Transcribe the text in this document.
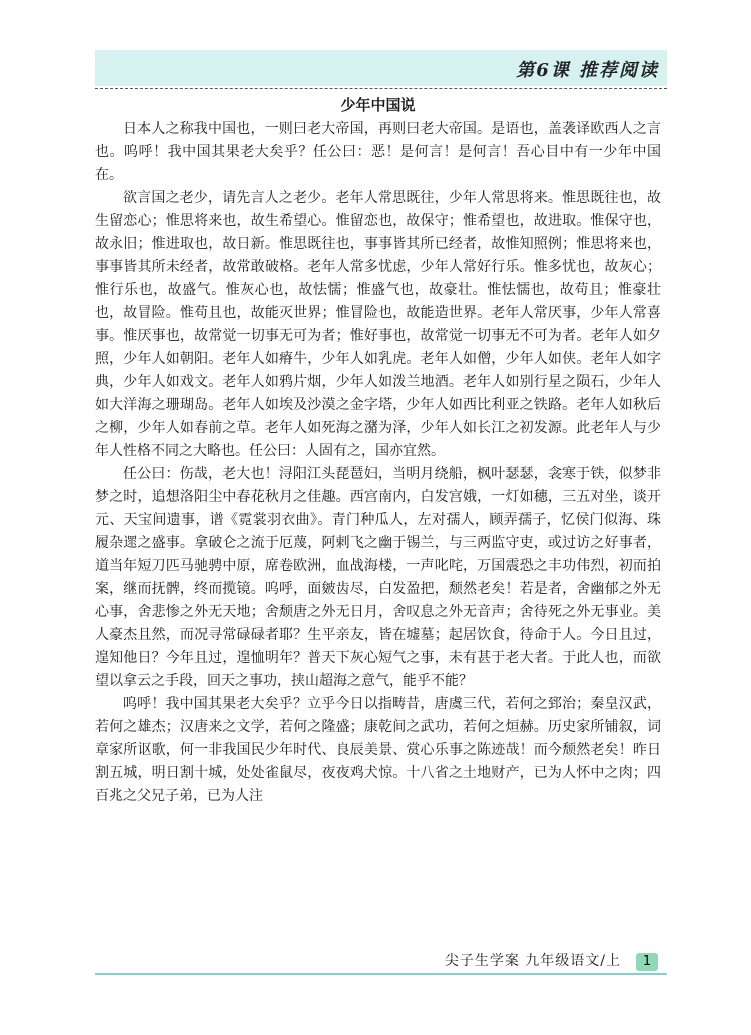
第6课 推荐阅读
少年中国说

日本人之称我中国也，一则曰老大帝国，再则曰老大帝国。是语也，盖袭译欧西人之言也。呜呼！我中国其果老大矣乎？任公曰：恶！是何言！是何言！吾心目中有一少年中国在。

欲言国之老少，请先言人之老少。老年人常思既往，少年人常思将来。惟思既往也，故生留恋心；惟思将来也，故生希望心。惟留恋也，故保守；惟希望也，故进取。惟保守也，故永旧；惟进取也，故日新。惟思既往也，事事皆其所已经者，故惟知照例；惟思将来也，事事皆其所未经者，故常敢破格。老年人常多忧虑，少年人常好行乐。惟多忧也，故灰心；惟行乐也，故盛气。惟灰心也，故怯懦；惟盛气也，故豪壮。惟怯懦也，故苟且；惟豪壮也，故冒险。惟苟且也，故能灭世界；惟冒险也，故能造世界。老年人常厌事，少年人常喜事。惟厌事也，故常觉一切事无可为者；惟好事也，故常觉一切事无不可为者。老年人如夕照，少年人如朝阳。老年人如瘠牛，少年人如乳虎。老年人如僧，少年人如侠。老年人如字典，少年人如戏文。老年人如鸦片烟，少年人如泼兰地酒。老年人如别行星之陨石，少年人如大洋海之珊瑚岛。老年人如埃及沙漠之金字塔，少年人如西比利亚之铁路。老年人如秋后之柳，少年人如春前之草。老年人如死海之潴为泽，少年人如长江之初发源。此老年人与少年人性格不同之大略也。任公曰：人固有之，国亦宜然。

任公曰：伤哉，老大也！浔阳江头琵琶妇，当明月绕船，枫叶瑟瑟，衾寒于铁，似梦非梦之时，追想洛阳尘中春花秋月之佳趣。西宫南内，白发宫娥，一灯如穗，三五对坐，谈开元、天宝间遗事，谱《霓裳羽衣曲》。青门种瓜人，左对孺人，顾弄孺子，忆侯门似海、珠履杂遝之盛事。拿破仑之流于厄蔑，阿剌飞之幽于锡兰，与三两监守吏，或过访之好事者，道当年短刀匹马驰骋中原，席卷欧洲，血战海楼，一声叱咤，万国震恐之丰功伟烈，初而拍案，继而抚髀，终而揽镜。呜呼，面皴齿尽，白发盈把，颓然老矣！若是者，舍幽郁之外无心事，舍悲惨之外无天地；舍颓唐之外无日月，舍叹息之外无音声；舍待死之外无事业。美人豪杰且然，而况寻常碌碌者耶？生平亲友，皆在墟墓；起居饮食，待命于人。今日且过，遑知他日？今年且过，遑恤明年？普天下灰心短气之事，未有甚于老大者。于此人也，而欲望以拿云之手段，回天之事功，挟山超海之意气，能乎不能？

呜呼！我中国其果老大矣乎？立乎今日以指畴昔，唐虞三代，若何之郅治；秦皇汉武，若何之雄杰；汉唐来之文学，若何之隆盛；康乾间之武功，若何之烜赫。历史家所铺叙，词章家所讴歌，何一非我国民少年时代、良辰美景、赏心乐事之陈迹哉！而今颓然老矣！昨日割五城，明日割十城，处处雀鼠尽，夜夜鸡犬惊。十八省之土地财产，已为人怀中之肉；四百兆之父兄子弟，已为人注

尖子生学案 九年级语文/上	1
